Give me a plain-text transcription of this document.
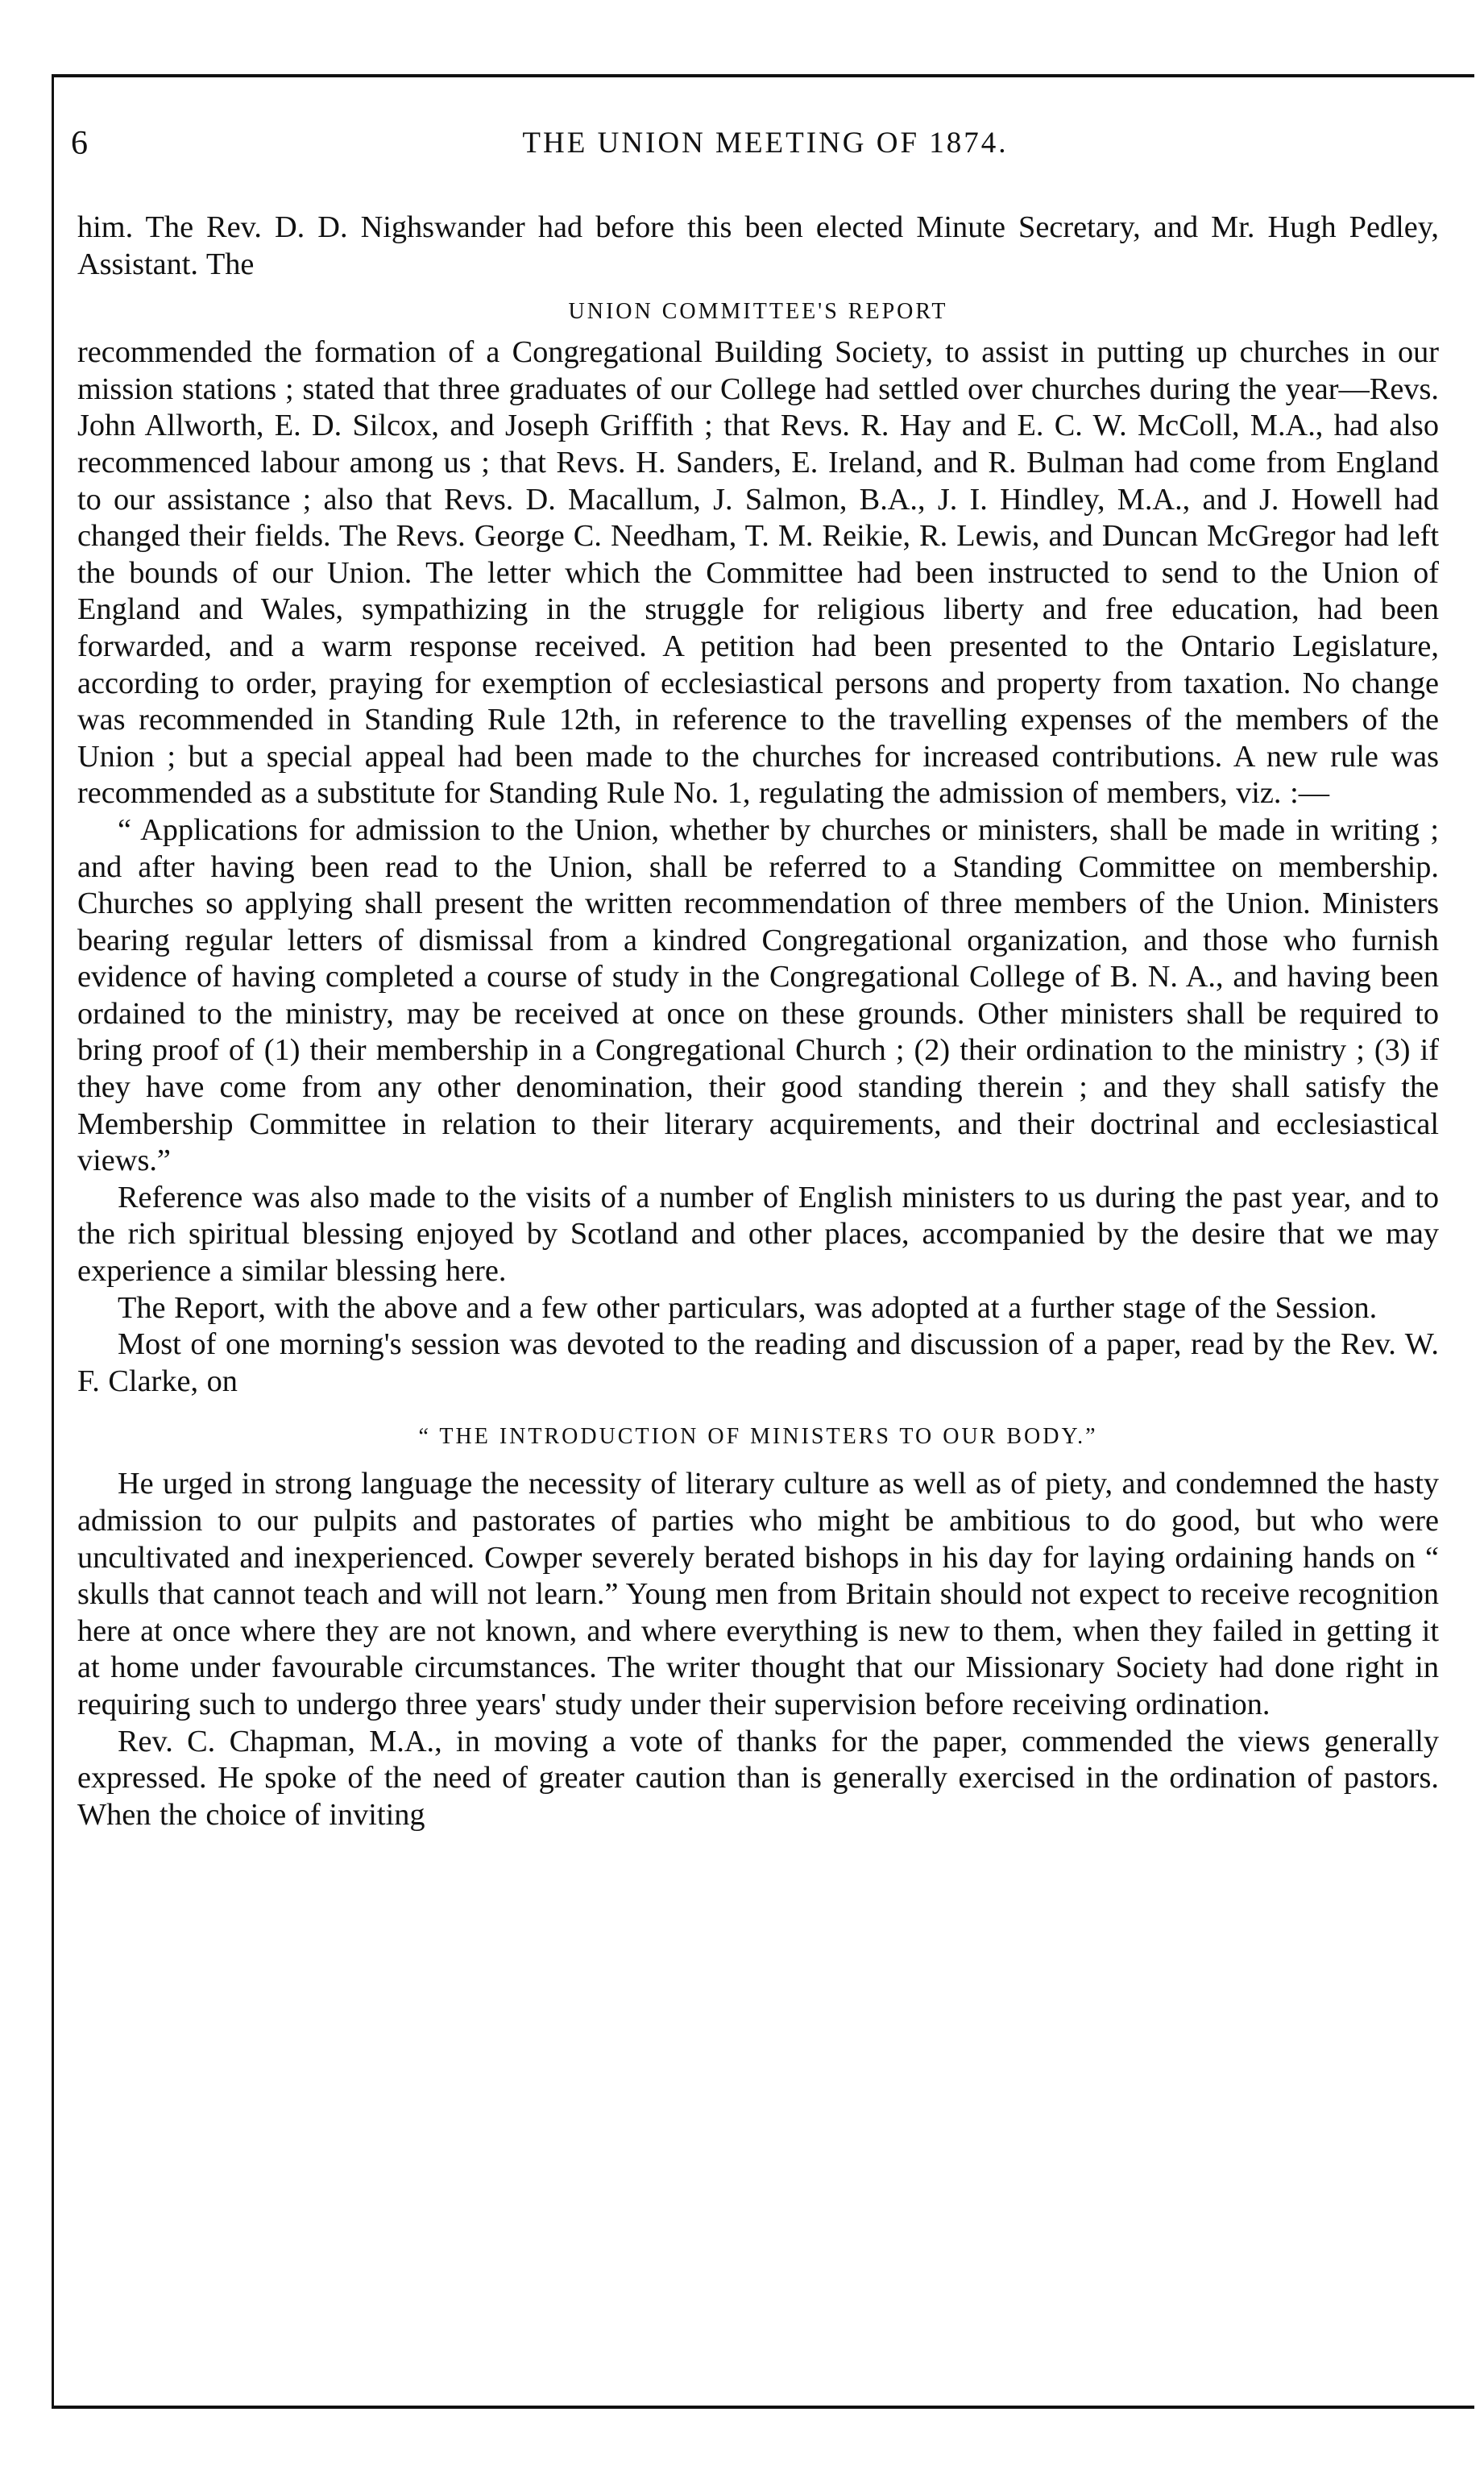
6	THE UNION MEETING OF 1874.

him. The Rev. D. D. Nighswander had before this been elected Minute Secretary, and Mr. Hugh Pedley, Assistant. The

UNION COMMITTEE'S REPORT

recommended the formation of a Congregational Building Society, to assist in putting up churches in our mission stations ; stated that three graduates of our College had settled over churches during the year—Revs. John Allworth, E. D. Silcox, and Joseph Griffith ; that Revs. R. Hay and E. C. W. McColl, M.A., had also recommenced labour among us ; that Revs. H. Sanders, E. Ireland, and R. Bulman had come from England to our assistance ; also that Revs. D. Macallum, J. Salmon, B.A., J. I. Hindley, M.A., and J. Howell had changed their fields. The Revs. George C. Needham, T. M. Reikie, R. Lewis, and Duncan McGregor had left the bounds of our Union. The letter which the Committee had been instructed to send to the Union of England and Wales, sympathizing in the struggle for religious liberty and free education, had been forwarded, and a warm response received. A petition had been presented to the Ontario Legislature, according to order, praying for exemption of ecclesiastical persons and property from taxation. No change was recommended in Standing Rule 12th, in reference to the travelling expenses of the members of the Union ; but a special appeal had been made to the churches for increased contributions. A new rule was recommended as a substitute for Standing Rule No. 1, regulating the admission of members, viz. :—

“ Applications for admission to the Union, whether by churches or ministers, shall be made in writing ; and after having been read to the Union, shall be referred to a Standing Committee on membership. Churches so applying shall present the written recommendation of three members of the Union. Ministers bearing regular letters of dismissal from a kindred Congregational organization, and those who furnish evidence of having completed a course of study in the Congregational College of B. N. A., and having been ordained to the ministry, may be received at once on these grounds. Other ministers shall be required to bring proof of (1) their membership in a Congregational Church ; (2) their ordination to the ministry ; (3) if they have come from any other denomination, their good standing therein ; and they shall satisfy the Membership Committee in relation to their literary acquirements, and their doctrinal and ecclesiastical views.”

Reference was also made to the visits of a number of English ministers to us during the past year, and to the rich spiritual blessing enjoyed by Scotland and other places, accompanied by the desire that we may experience a similar blessing here.

The Report, with the above and a few other particulars, was adopted at a further stage of the Session.

Most of one morning's session was devoted to the reading and discussion of a paper, read by the Rev. W. F. Clarke, on

“ THE INTRODUCTION OF MINISTERS TO OUR BODY.”

He urged in strong language the necessity of literary culture as well as of piety, and condemned the hasty admission to our pulpits and pastorates of parties who might be ambitious to do good, but who were uncultivated and inexperienced. Cowper severely berated bishops in his day for laying ordaining hands on “ skulls that cannot teach and will not learn.” Young men from Britain should not expect to receive recognition here at once where they are not known, and where everything is new to them, when they failed in getting it at home under favourable circumstances. The writer thought that our Missionary Society had done right in requiring such to undergo three years' study under their supervision before receiving ordination.

Rev. C. Chapman, M.A., in moving a vote of thanks for the paper, commended the views generally expressed. He spoke of the need of greater caution than is generally exercised in the ordination of pastors. When the choice of inviting
